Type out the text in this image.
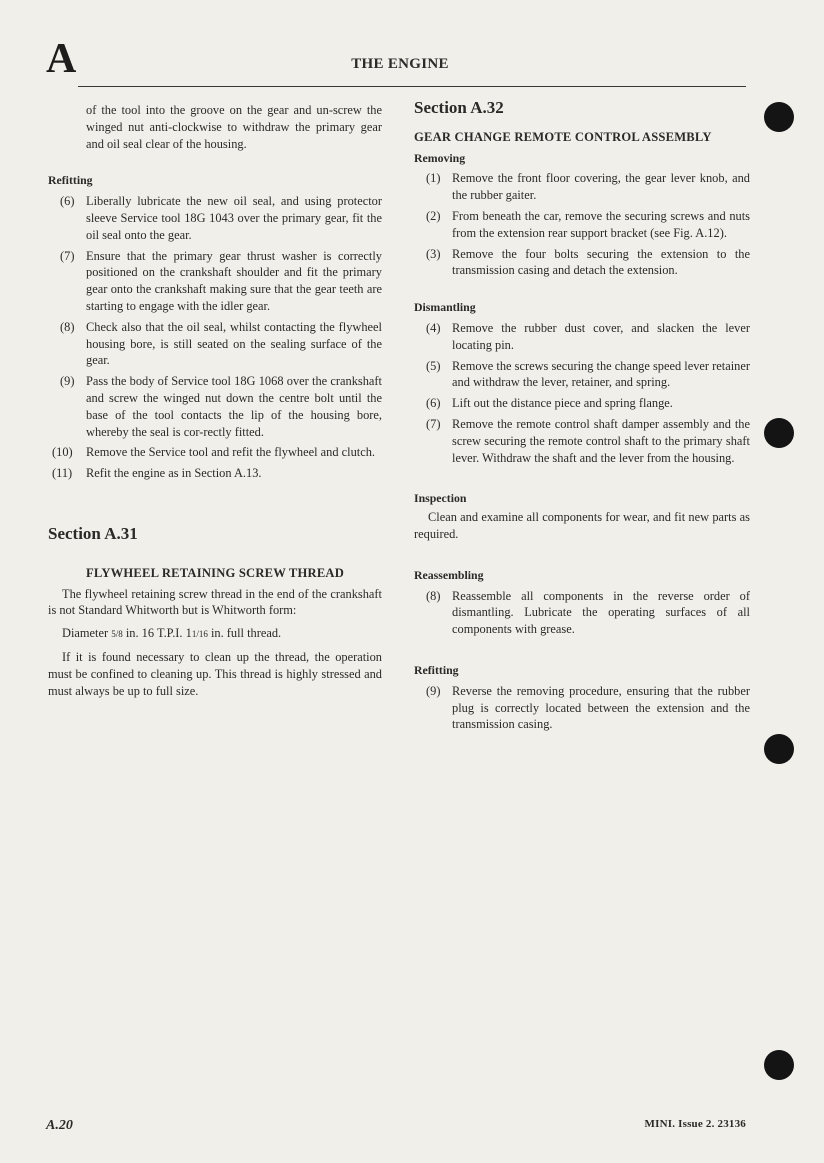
A	THE ENGINE

of the tool into the groove on the gear and un-screw the winged nut anti-clockwise to withdraw the primary gear and oil seal clear of the housing.

Refitting
(6) Liberally lubricate the new oil seal, and using protector sleeve Service tool 18G 1043 over the primary gear, fit the oil seal onto the gear.
(7) Ensure that the primary gear thrust washer is correctly positioned on the crankshaft shoulder and fit the primary gear onto the crankshaft making sure that the gear teeth are starting to engage with the idler gear.
(8) Check also that the oil seal, whilst contacting the flywheel housing bore, is still seated on the sealing surface of the gear.
(9) Pass the body of Service tool 18G 1068 over the crankshaft and screw the winged nut down the centre bolt until the base of the tool contacts the lip of the housing bore, whereby the seal is cor-rectly fitted.
(10) Remove the Service tool and refit the flywheel and clutch.
(11) Refit the engine as in Section A.13.
Section A.31
FLYWHEEL RETAINING SCREW THREAD

The flywheel retaining screw thread in the end of the crankshaft is not Standard Whitworth but is Whitworth form:

Diameter 5/8 in. 16 T.P.I. 11/16 in. full thread.

If it is found necessary to clean up the thread, the operation must be confined to cleaning up. This thread is highly stressed and must always be up to full size.

Section A.32
GEAR CHANGE REMOTE CONTROL ASSEMBLY
Removing
(1) Remove the front floor covering, the gear lever knob, and the rubber gaiter.
(2) From beneath the car, remove the securing screws and nuts from the extension rear support bracket (see Fig. A.12).
(3) Remove the four bolts securing the extension to the transmission casing and detach the extension.
Dismantling
(4) Remove the rubber dust cover, and slacken the lever locating pin.
(5) Remove the screws securing the change speed lever retainer and withdraw the lever, retainer, and spring.
(6) Lift out the distance piece and spring flange.
(7) Remove the remote control shaft damper assembly and the screw securing the remote control shaft to the primary shaft lever. Withdraw the shaft and the lever from the housing.
Inspection

Clean and examine all components for wear, and fit new parts as required.

Reassembling
(8) Reassemble all components in the reverse order of dismantling. Lubricate the operating surfaces of all components with grease.
Refitting
(9) Reverse the removing procedure, ensuring that the rubber plug is correctly located between the extension and the transmission casing.
A.20	MINI. Issue 2. 23136
